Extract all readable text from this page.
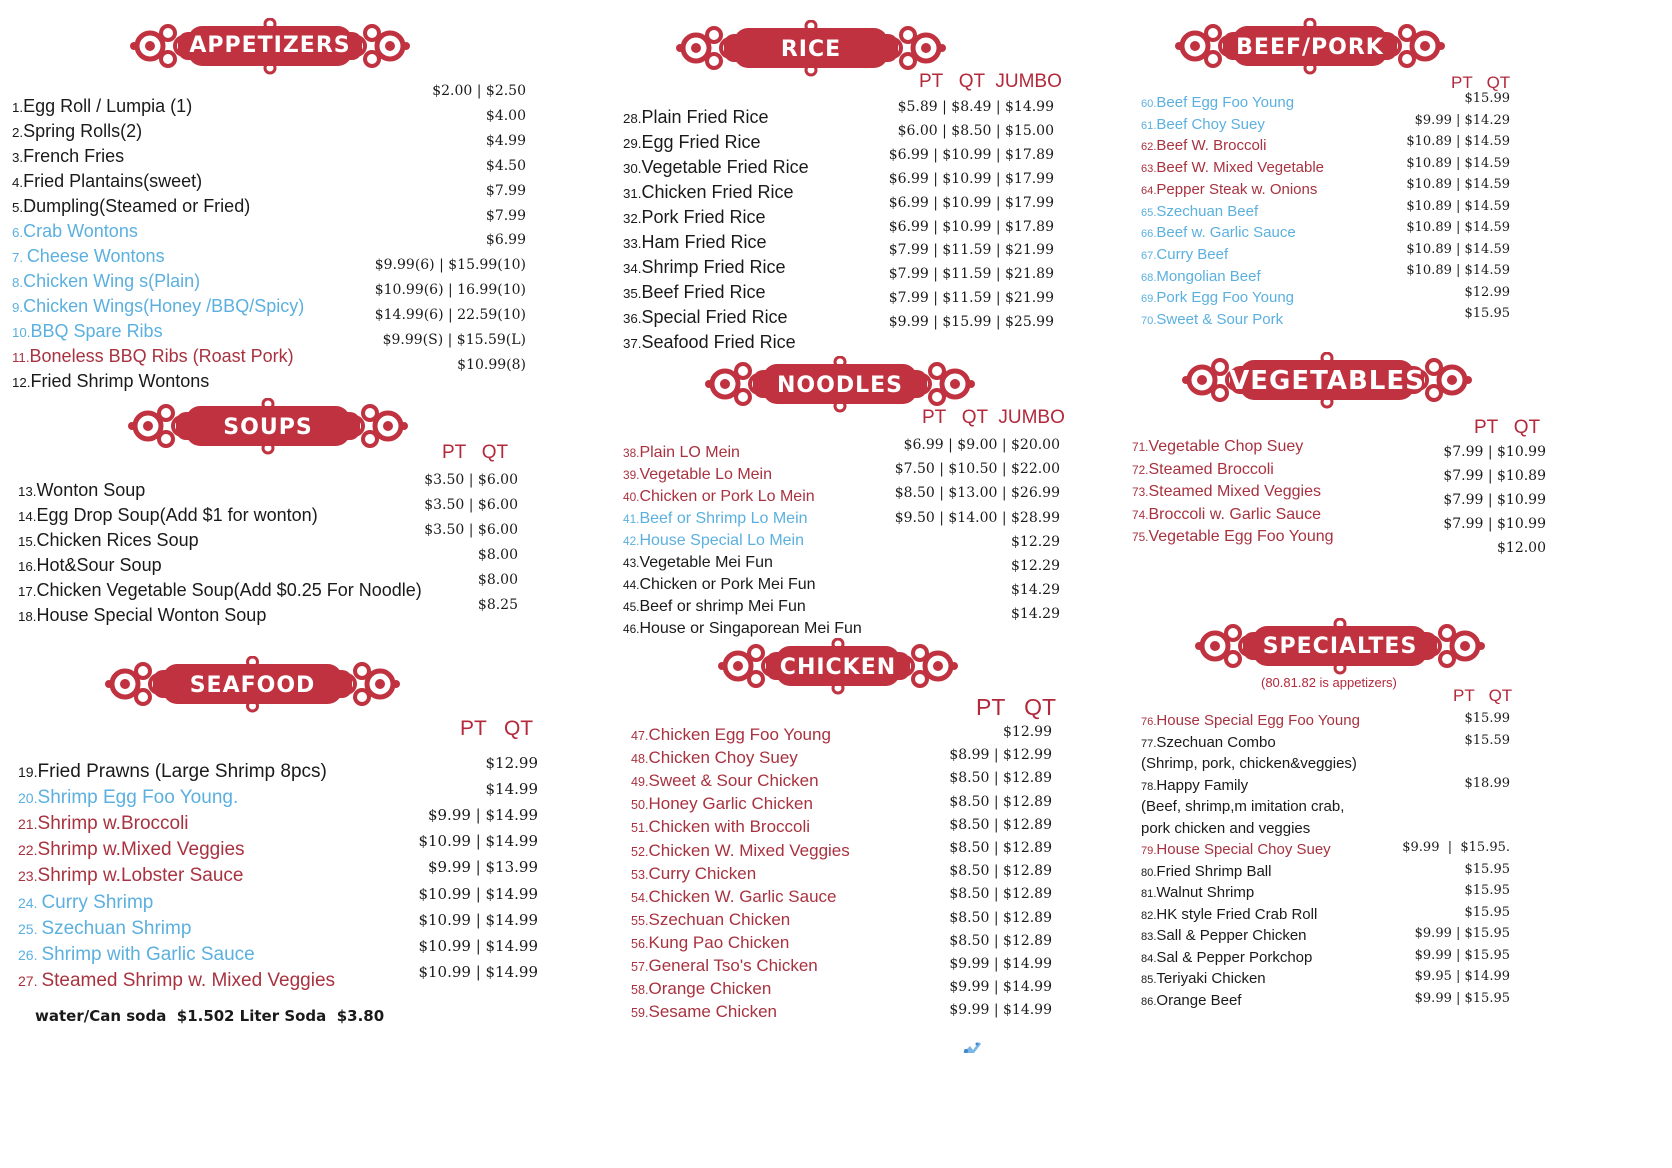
APPETIZERS
SOUPS
SEAFOOD
RICE
NOODLES
CHICKEN
BEEF/PORK
VEGETABLES
SPECIALTES
(80.81.82 is appetizers)
PT   QT
PT   QT
PT   QT  JUMBO
PT   QT  JUMBO
PT   QT
PT   QT
PT   QT
PT   QT
1.Egg Roll / Lumpia (1)
$2.00 | $2.50
2.Spring Rolls(2)
$4.00
3.French Fries
$4.99
4.Fried Plantains(sweet)
$4.50
5.Dumpling(Steamed or Fried)
$7.99
6.Crab Wontons
$7.99
7. Cheese Wontons
$6.99
8.Chicken Wing s(Plain)
$9.99(6) | $15.99(10)
9.Chicken Wings(Honey /BBQ/Spicy)
$10.99(6) | 16.99(10)
10.BBQ Spare Ribs
$14.99(6) | 22.59(10)
11.Boneless BBQ Ribs (Roast Pork)
$9.99(S) | $15.59(L)
12.Fried Shrimp Wontons
$10.99(8)
13.Wonton Soup	$3.50 | $6.00
14.Egg Drop Soup(Add $1 for wonton)	$3.50 | $6.00
15.Chicken Rices Soup	$3.50 | $6.00
16.Hot&Sour Soup	$8.00
17.Chicken Vegetable Soup(Add $0.25 For Noodle)	$8.00
18.House Special Wonton Soup	$8.25
19.Fried Prawns (Large Shrimp 8pcs)	$12.99
20.Shrimp Egg Foo Young.	$14.99
21.Shrimp w.Broccoli	$9.99 | $14.99
22.Shrimp w.Mixed Veggies	$10.99 | $14.99
23.Shrimp w.Lobster Sauce	$9.99 | $13.99
24. Curry Shrimp	$10.99 | $14.99
25. Szechuan Shrimp	$10.99 | $14.99
26. Shrimp with Garlic Sauce	$10.99 | $14.99
27. Steamed Shrimp w. Mixed Veggies	$10.99 | $14.99
28.Plain Fried Rice	$5.89 | $8.49 | $14.99
29.Egg Fried Rice
$6.00 | $8.50 | $15.00
30.Vegetable Fried Rice
$6.99 | $10.99 | $17.89
31.Chicken Fried Rice
$6.99 | $10.99 | $17.99
32.Pork Fried Rice
$6.99 | $10.99 | $17.99
33.Ham Fried Rice
$6.99 | $10.99 | $17.89
34.Shrimp Fried Rice
$7.99 | $11.59 | $21.99
35.Beef Fried Rice
$7.99 | $11.59 | $21.89
36.Special Fried Rice
$7.99 | $11.59 | $21.99
37.Seafood Fried Rice
$9.99 | $15.99 | $25.99
38.Plain LO Mein	$6.99 | $9.00 | $20.00
39.Vegetable Lo Mein	$7.50 | $10.50 | $22.00
40.Chicken or Pork Lo Mein	$8.50 | $13.00 | $26.99
41.Beef or Shrimp Lo Mein	$9.50 | $14.00 | $28.99
42.House Special Lo Mein	$12.29
43.Vegetable Mei Fun	$12.29
44.Chicken or Pork Mei Fun	$14.29
45.Beef or shrimp Mei Fun	$14.29
46.House or Singaporean Mei Fun
47.Chicken Egg Foo Young	$12.99
48.Chicken Choy Suey	$8.99 | $12.99
49.Sweet & Sour Chicken	$8.50 | $12.89
50.Honey Garlic Chicken	$8.50 | $12.89
51.Chicken with Broccoli	$8.50 | $12.89
52.Chicken W. Mixed Veggies	$8.50 | $12.89
53.Curry Chicken	$8.50 | $12.89
54.Chicken W. Garlic Sauce	$8.50 | $12.89
55.Szechuan Chicken	$8.50 | $12.89
56.Kung Pao Chicken	$8.50 | $12.89
57.General Tso's Chicken	$9.99 | $14.99
58.Orange Chicken	$9.99 | $14.99
59.Sesame Chicken	$9.99 | $14.99
60.Beef Egg Foo Young	$15.99
61.Beef Choy Suey	$9.99 | $14.29
62.Beef W. Broccoli	$10.89 | $14.59
63.Beef W. Mixed Vegetable	$10.89 | $14.59
64.Pepper Steak w. Onions	$10.89 | $14.59
65.Szechuan Beef	$10.89 | $14.59
66.Beef w. Garlic Sauce	$10.89 | $14.59
67.Curry Beef	$10.89 | $14.59
68.Mongolian Beef	$10.89 | $14.59
69.Pork Egg Foo Young	$12.99
70.Sweet & Sour Pork	$15.95
71.Vegetable Chop Suey	$7.99 | $10.99
72.Steamed Broccoli	$7.99 | $10.89
73.Steamed Mixed Veggies
$7.99 | $10.99
74.Broccoli w. Garlic Sauce
$7.99 | $10.99
75.Vegetable Egg Foo Young
$12.00
76.House Special Egg Foo Young	$15.99
77.Szechuan Combo	$15.59
(Shrimp, pork, chicken&veggies)
78.Happy Family	$18.99
(Beef, shrimp,m imitation crab,
pork chicken and veggies
79.House Special Choy Suey	$9.99  |  $15.95.
80.Fried Shrimp Ball	$15.95
81.Walnut Shrimp	$15.95
82.HK style Fried Crab Roll	$15.95
83.Sall & Pepper Chicken	$9.99 | $15.95
84.Sal & Pepper Porkchop	$9.99 | $15.95
85.Teriyaki Chicken	$9.95 | $14.99
86.Orange Beef	$9.99 | $15.95
water/Can soda  $1.50 2 Liter Soda  $3.80
